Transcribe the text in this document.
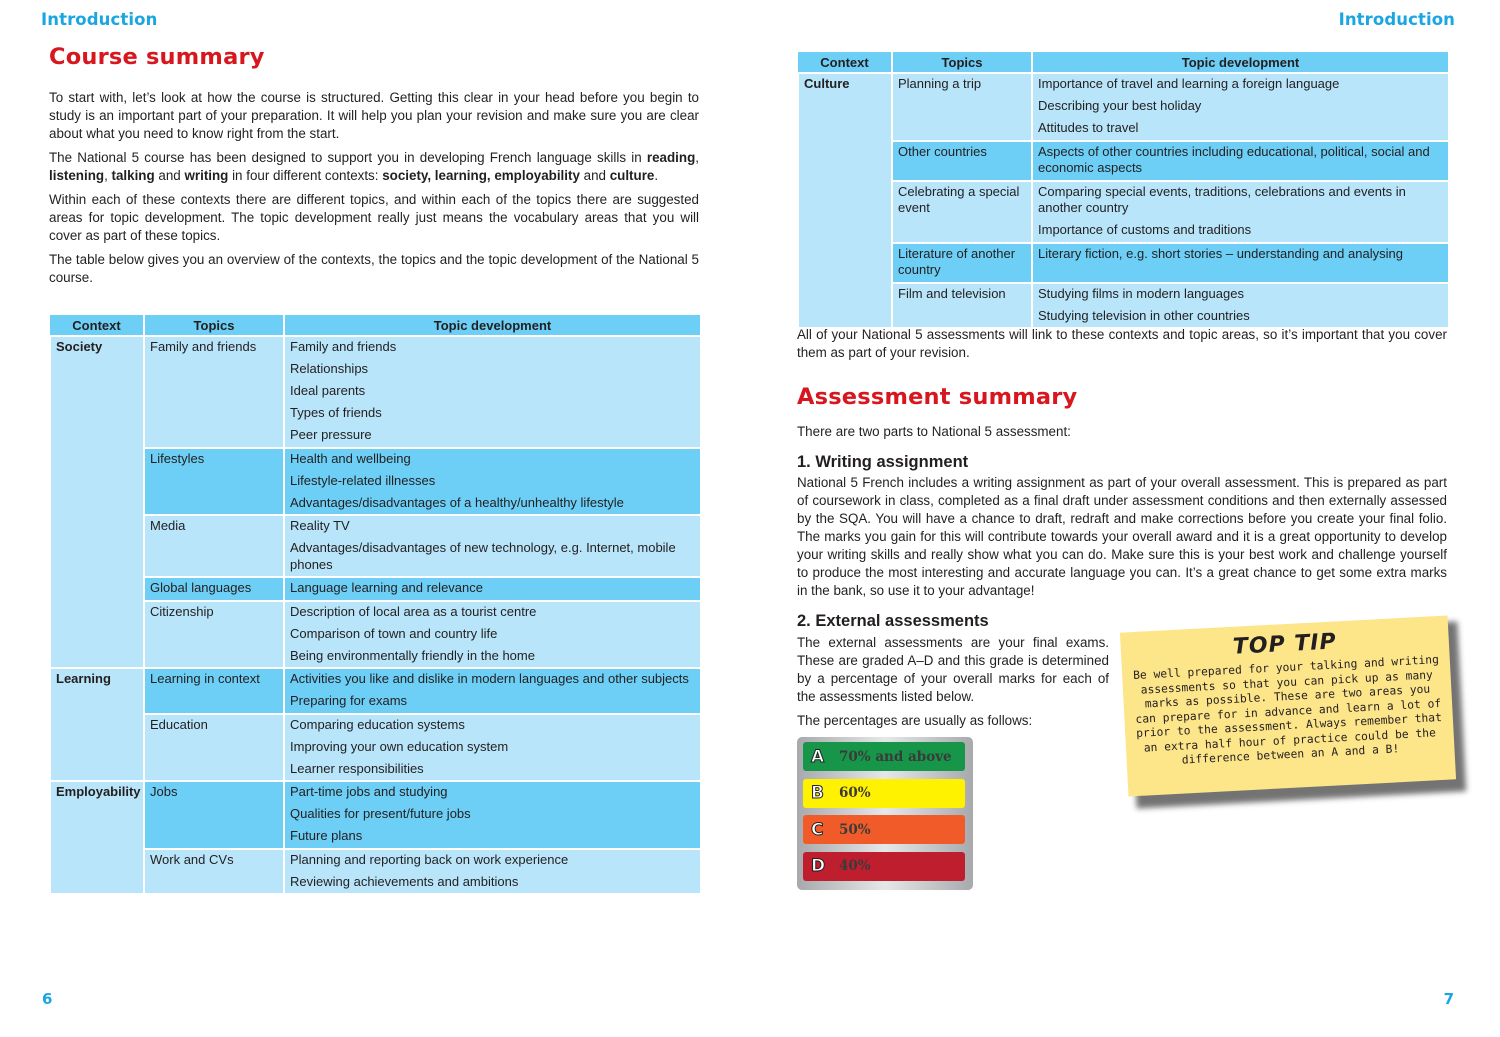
Introduction
Course summary

To start with, let’s look at how the course is structured. Getting this clear in your head before you begin to study is an important part of your preparation. It will help you plan your revision and make sure you are clear about what you need to know right from the start.

The National 5 course has been designed to support you in developing French language skills in reading, listening, talking and writing in four different contexts: society, learning, employability and culture.

Within each of these contexts there are different topics, and within each of the topics there are suggested areas for topic development. The topic development really just means the vocabulary areas that you will cover as part of these topics.

The table below gives you an overview of the contexts, the topics and the topic development of the National 5 course.

Context	Topics	Topic development
Society	Family and friends	Family and friends
Relationships
Ideal parents
Types of friends
Peer pressure

	Lifestyles	Health and wellbeing
Lifestyle-related illnesses
Advantages/disadvantages of a healthy/unhealthy lifestyle

	Media	Reality TV
Advantages/disadvantages of new technology, e.g. Internet, mobile phones

	Global languages	Language learning and relevance

	Citizenship	Description of local area as a tourist centre
Comparison of town and country life
Being environmentally friendly in the home

Learning	Learning in context	Activities you like and dislike in modern languages and other subjects
Preparing for exams

	Education	Comparing education systems
Improving your own education system
Learner responsibilities

Employability	Jobs	Part-time jobs and studying
Qualities for present/future jobs
Future plans

	Work and CVs	Planning and reporting back on work experience
Reviewing achievements and ambitions
6
Introduction
Context	Topics	Topic development
Culture	Planning a trip	Importance of travel and learning a foreign language
Describing your best holiday
Attitudes to travel

	Other countries	Aspects of other countries including educational, political, social and economic aspects

	Celebrating a special event	Comparing special events, traditions, celebrations and events in another country
Importance of customs and traditions

	Literature of another country	Literary fiction, e.g. short stories – understanding and analysing

	Film and television	Studying films in modern languages
Studying television in other countries
All of your National 5 assessments will link to these contexts and topic areas, so it’s important that you cover them as part of your revision.
Assessment summary
There are two parts to National 5 assessment:
1. Writing assignment
National 5 French includes a writing assignment as part of your overall assessment. This is prepared as part of coursework in class, completed as a final draft under assessment conditions and then externally assessed by the SQA. You will have a chance to draft, redraft and make corrections before you create your final folio. The marks you gain for this will contribute towards your overall award and it is a great opportunity to develop your writing skills and really show what you can do. Make sure this is your best work and challenge yourself to produce the most interesting and accurate language you can. It’s a great chance to get some extra marks in the bank, so use it to your advantage!
2. External assessments

The external assessments are your final exams. These are graded A–D and this grade is determined by a percentage of your overall marks for each of the assessments listed below.

The percentages are usually as follows:

7
A	70% and above
B	60%
C	50%
D	40%
TOP TIP
Be well prepared for your talking and writing assessments so that you can pick up as many marks as possible. These are two areas you can prepare for in advance and learn a lot of prior to the assessment. Always remember that an extra half hour of practice could be the difference between an A and a B!
